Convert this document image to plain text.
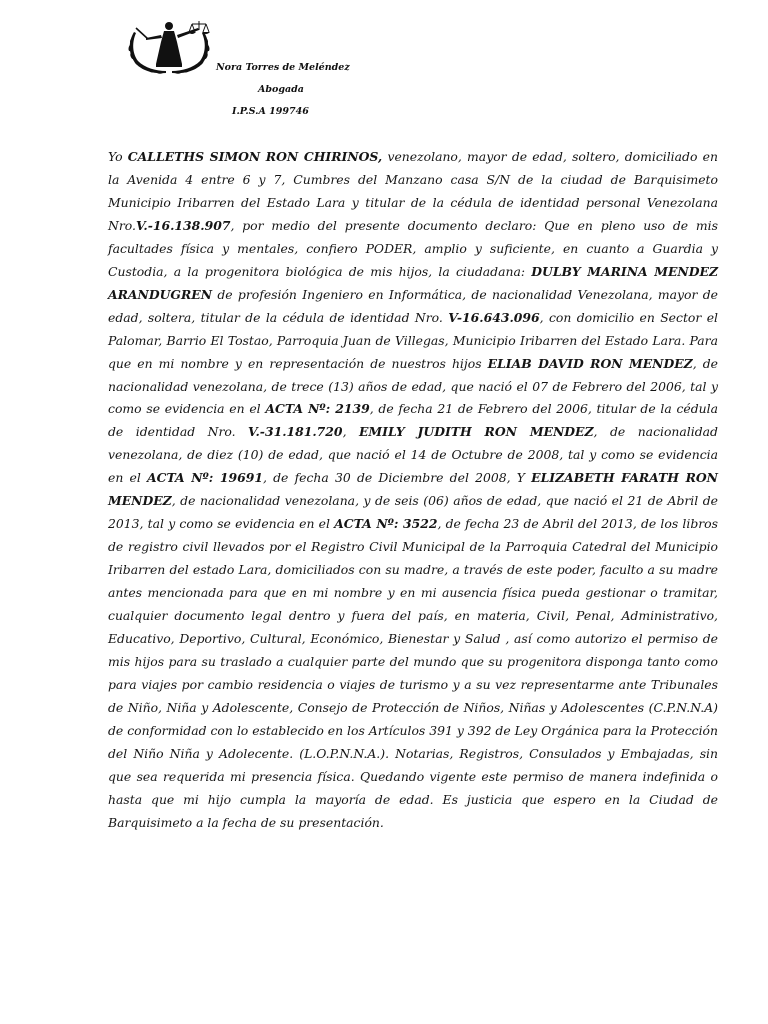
Nora Torres de Meléndez
Abogada
I.P.S.A 199746

Yo CALLETHS SIMON RON CHIRINOS, venezolano, mayor de edad, soltero, domiciliado en la Avenida 4 entre 6 y 7, Cumbres del Manzano casa S/N de la ciudad de Barquisimeto Municipio Iribarren del Estado Lara y titular de la cédula de identidad personal Venezolana Nro.V.-16.138.907, por medio del presente documento declaro: Que en pleno uso de mis facultades física y mentales, confiero PODER, amplio y suficiente, en cuanto a Guardia y Custodia, a la progenitora biológica de mis hijos, la ciudadana: DULBY MARINA MENDEZ ARANDUGREN de profesión Ingeniero en Informática, de nacionalidad Venezolana, mayor de edad, soltera, titular de la cédula de identidad Nro. V-16.643.096, con domicilio en Sector el Palomar, Barrio El Tostao, Parroquia Juan de Villegas, Municipio Iribarren del Estado Lara. Para que en mi nombre y en representación de nuestros hijos ELIAB DAVID RON MENDEZ, de nacionalidad venezolana, de trece (13) años de edad, que nació el 07 de Febrero del 2006, tal y como se evidencia en el ACTA Nº: 2139, de fecha 21 de Febrero del 2006, titular de la cédula de identidad Nro. V.-31.181.720, EMILY JUDITH RON MENDEZ, de nacionalidad venezolana, de diez (10) de edad, que nació el 14 de Octubre de 2008, tal y como se evidencia en el ACTA Nº: 19691, de fecha 30 de Diciembre del 2008, Y ELIZABETH FARATH RON MENDEZ, de nacionalidad venezolana, y de seis (06) años de edad, que nació el 21 de Abril de 2013, tal y como se evidencia en el ACTA Nº: 3522, de fecha 23 de Abril del 2013, de los libros de registro civil llevados por el Registro Civil Municipal de la Parroquia Catedral del Municipio Iribarren del estado Lara, domiciliados con su madre, a través de este poder, faculto a su madre antes mencionada para que en mi nombre y en mi ausencia física pueda gestionar o tramitar, cualquier documento legal dentro y fuera del país, en materia, Civil, Penal, Administrativo, Educativo, Deportivo, Cultural, Económico, Bienestar y Salud , así como autorizo el permiso de mis hijos para su traslado a cualquier parte del mundo que su progenitora disponga tanto como para viajes por cambio residencia o viajes de turismo y a su vez representarme ante Tribunales de Niño, Niña y Adolescente, Consejo de Protección de Niños, Niñas y Adolescentes (C.P.N.N.A) de conformidad con lo establecido en los Artículos 391 y 392 de Ley Orgánica para la Protección del Niño Niña y Adolecente. (L.O.P.N.N.A.). Notarias, Registros, Consulados y Embajadas, sin que sea requerida mi presencia física. Quedando vigente este permiso de manera indefinida o hasta que mi hijo cumpla la mayoría de edad. Es justicia que espero en la Ciudad de Barquisimeto a la fecha de su presentación.
